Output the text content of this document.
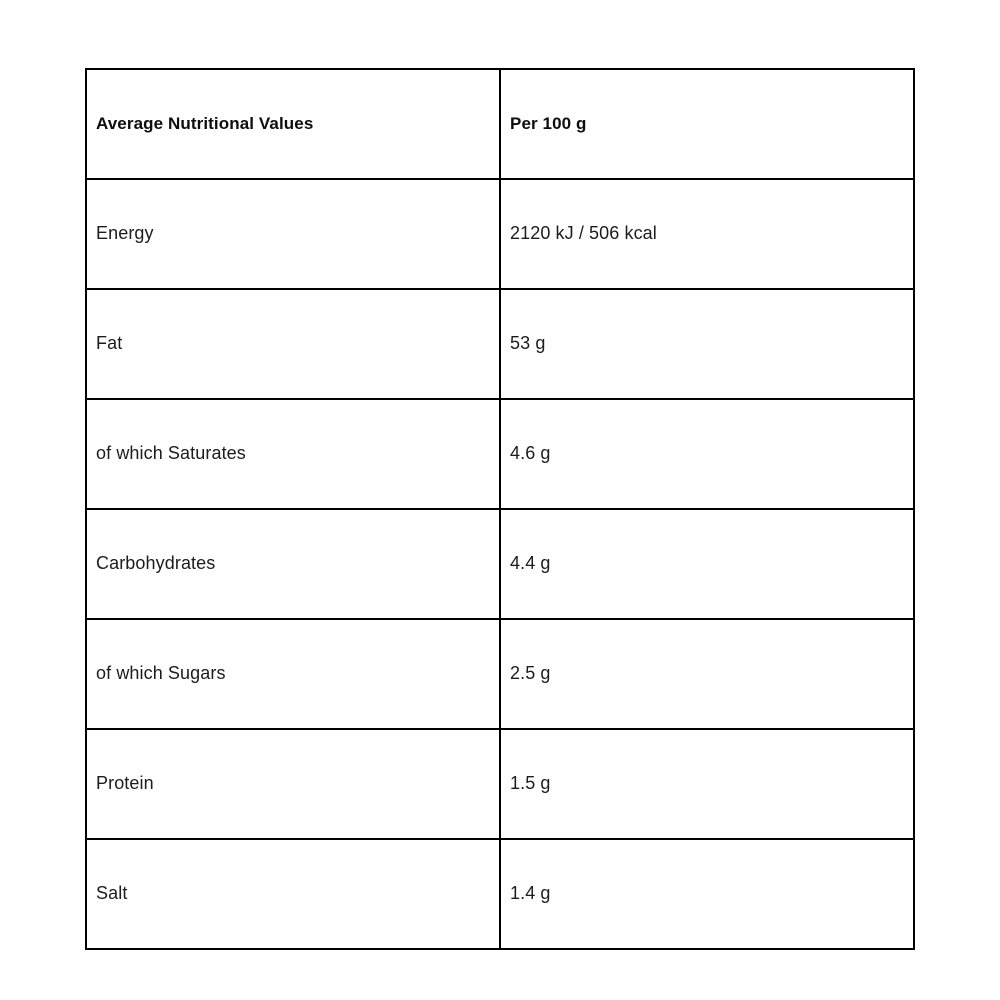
Average Nutritional Values	Per 100 g
Energy	2120 kJ / 506 kcal
Fat	53 g
of which Saturates	4.6 g
Carbohydrates	4.4 g
of which Sugars	2.5 g
Protein	1.5 g
Salt	1.4 g
